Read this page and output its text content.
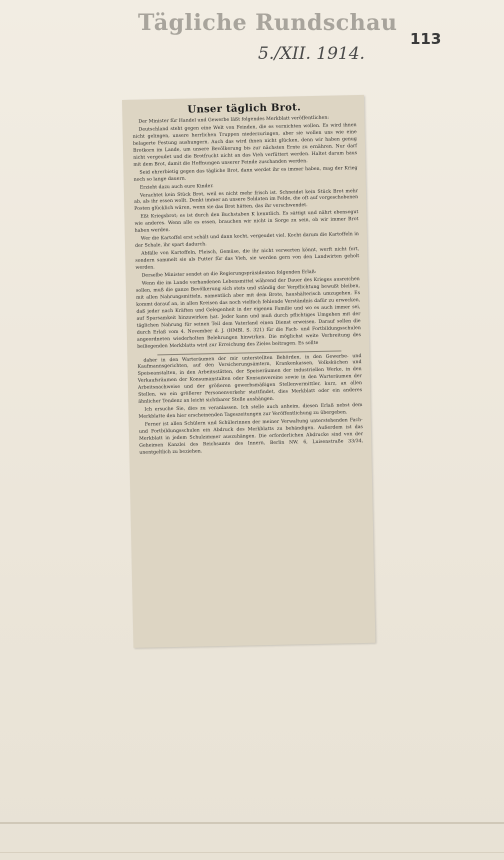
Tägliche Rundschau
113
5./XII. 1914.
Unser täglich Brot.

Der Minister für Handel und Gewerbe läßt folgendes Merkblatt veröffentlichen:

Deutschland steht gegen eine Welt von Feinden, die es vernichten wollen. Es wird ihnen nicht gelingen, unsere herrlichen Truppen niederzuringen, aber sie wollen uns wie eine belagerte Festung aushungern. Auch das wird ihnen nicht glücken, denn wir haben genug Brotkorn im Lande, um unsere Bevölkerung bis zur nächsten Ernte zu ernähren. Nur darf nicht vergeudet und die Brotfrucht nicht an das Vieh verfüttert werden. Haltet darum haus mit dem Brot, damit die Hoffnungen unserer Feinde zuschanden werden.

Seid ehrerbietig gegen das tägliche Brot, dann werdet ihr es immer haben, mag der Krieg noch so lange dauern.

Erzieht dazu auch eure Kinder.

Verachtet kein Stück Brot, weil es nicht mehr frisch ist. Schneidet kein Stück Brot mehr ab, als ihr essen wollt. Denkt immer an unsere Soldaten im Felde, die oft auf vorgeschobenen Posten glücklich wären, wenn sie das Brot hätten, das ihr verschwendet.

Eßt Kriegsbrot; es ist durch den Buchstaben K kenntlich. Es sättigt und nährt ebensogut wie anderes. Wenn alle es essen, brauchen wir nicht in Sorge zu sein, ob wir immer Brot haben werden.

Wer die Kartoffel erst schält und dann kocht, vergeudet viel. Kocht darum die Kartoffeln in der Schale, ihr spart dadurch.

Abfälle von Kartoffeln, Fleisch, Gemüse, die ihr nicht verwerten könnt, werft nicht fort, sondern sammelt sie als Futter für das Vieh, sie werden gern von den Landwirten geholt werden.

Derselbe Minister sendet an die Regierungspräsidenten folgenden Erlaß:

Wenn die im Lande vorhandenen Lebensmittel während der Dauer des Krieges ausreichen sollen, muß die ganze Bevölkerung sich stets und ständig der Verpflichtung bewußt bleiben, mit allen Nahrungsmitteln, namentlich aber mit dem Brote, haushälterisch umzugehen. Es kommt darauf an, in allen Kreisen das noch vielfach fehlende Verständnis dafür zu erwecken, daß jeder nach Kräften und Gelegenheit in der eigenen Familie und wo es auch immer sei, auf Sparsamkeit hinzuwirken hat. Jeder kann und muß durch pflichtiges Umgehen mit der täglichen Nahrung für seinen Teil dem Vaterland einen Dienst erweisen. Darauf sollen die durch Erlaß vom 4. November d. J. (HMBl. S. 321) für die Fach- und Fortbildungsschulen angeordneten wiederholten Belehrungen hinwirken. Die möglichst weite Verbreitung des beiliegenden Merkblatts wird zur Erreichung des Zieles beitragen. Es sollte

daher in den Warteräumen der mir unterstellten Behörden, in den Gewerbe- und Kaufmannsgerichten, auf den Versicherungsämtern, Krankenkassen, Volksküchen und Speiseanstalten, in den Arbeitsstätten, der Speiseräumen der industriellen Werke, in den Verkaufsräumen der Konsumanstalten oder Konsumvereine sowie in den Warteräumen der Arbeitsnachweise und der größeren gewerbsmäßigen Stellenvermittler, kurz, an allen Stellen, wo ein größerer Personenverkehr stattfindet, dies Merkblatt oder ein anderes ähnlicher Tendenz an leicht sichtbarer Stelle aushängen.

Ich ersuche Sie, dies zu veranlassen. Ich stelle auch anheim, diesen Erlaß nebst dem Merkblatte den hier erscheinenden Tageszeitungen zur Veröffentlichung zu übergeben.

Ferner ist allen Schülern und Schülerinnen der meiner Verwaltung unterstehenden Fach- und Fortbildungsschulen ein Abdruck des Merkblatts zu behändigen. Außerdem ist das Merkblatt in jedem Schulzimmer auszuhängen. Die erforderlichen Abdrucke sind von der Geheimen Kanzlei des Reichsamts des Innern, Berlin NW. 6, Luisenstraße 33/34, unentgeltlich zu beziehen.
